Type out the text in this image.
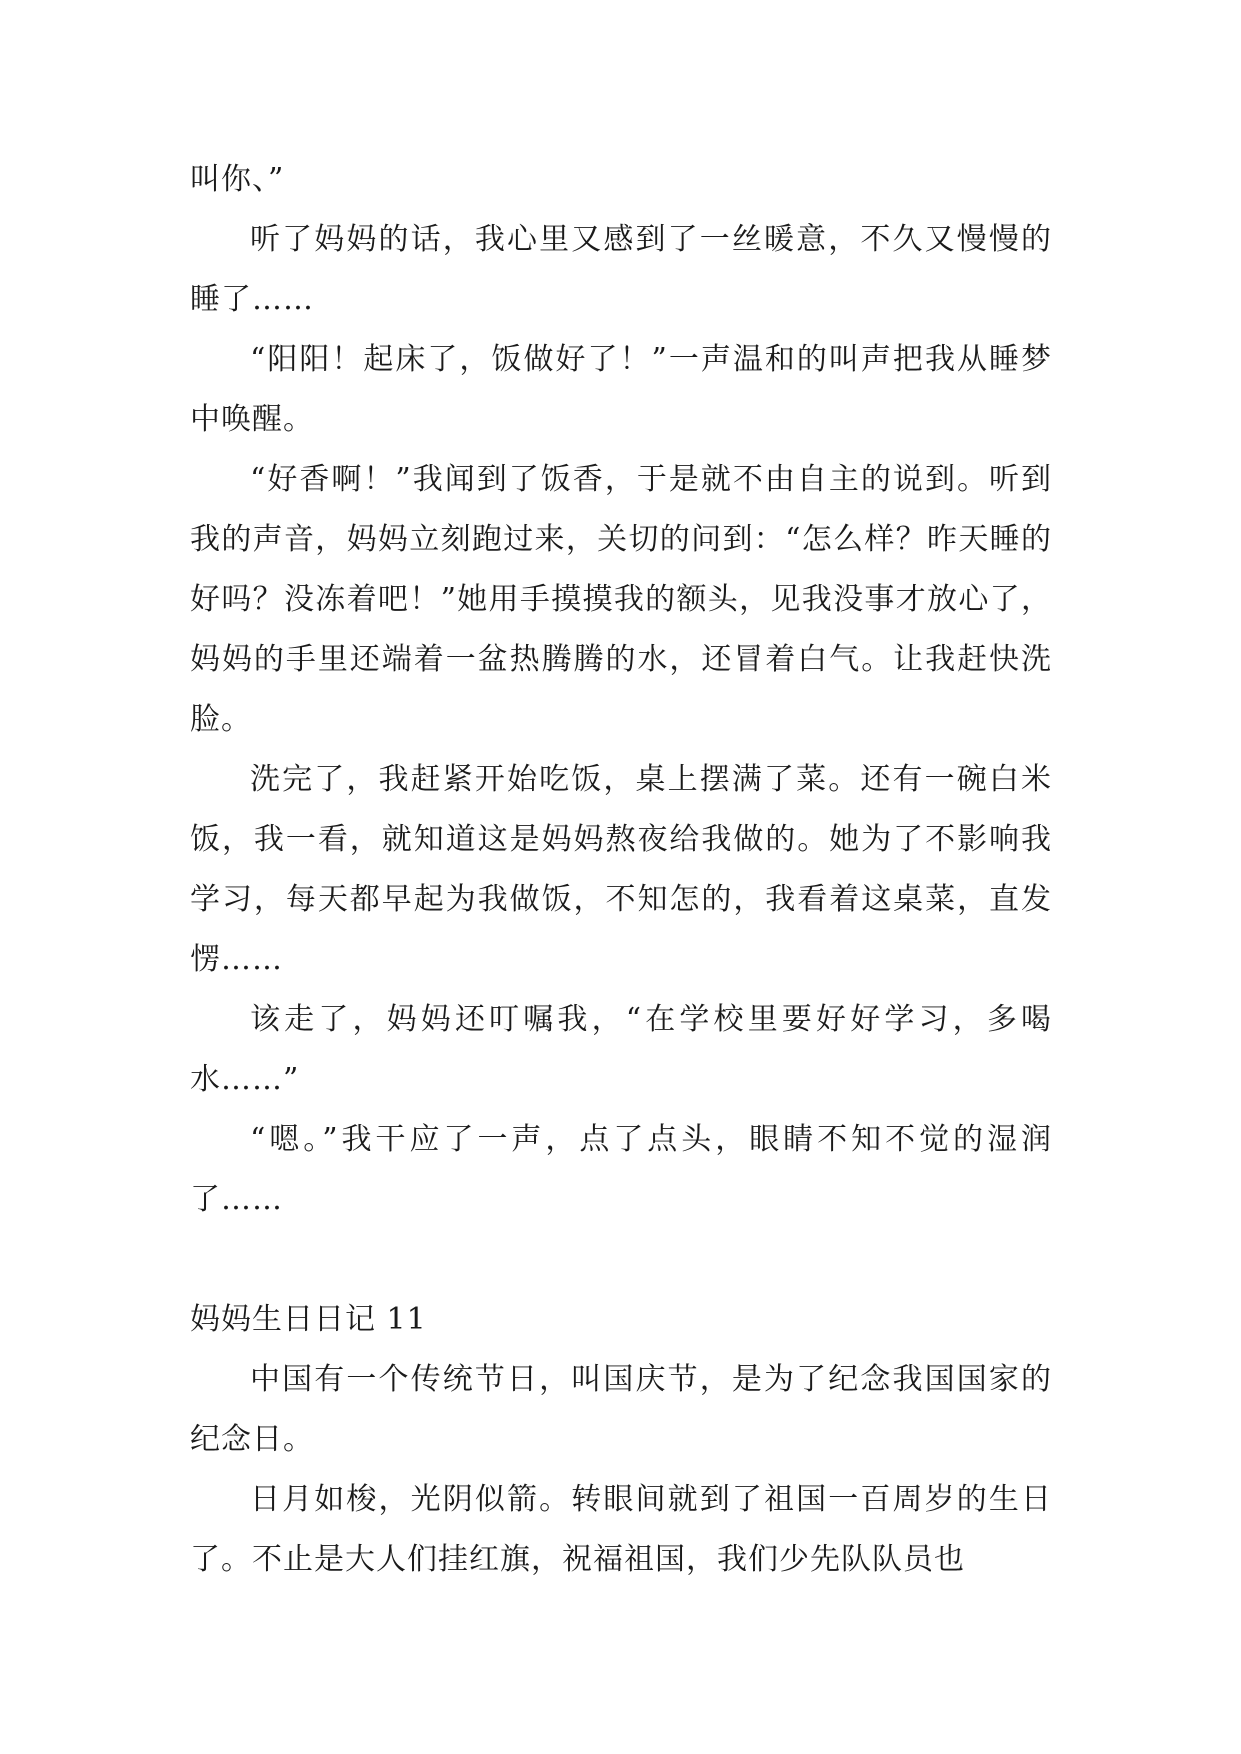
叫你、”

听了妈妈的话，我心里又感到了一丝暖意，不久又慢慢的睡了……

“阳阳！起床了，饭做好了！”一声温和的叫声把我从睡梦中唤醒。

“好香啊！”我闻到了饭香，于是就不由自主的说到。听到我的声音，妈妈立刻跑过来，关切的问到：“怎么样？昨天睡的好吗？没冻着吧！”她用手摸摸我的额头，见我没事才放心了，妈妈的手里还端着一盆热腾腾的水，还冒着白气。让我赶快洗脸。

洗完了，我赶紧开始吃饭，桌上摆满了菜。还有一碗白米饭，我一看，就知道这是妈妈熬夜给我做的。她为了不影响我学习，每天都早起为我做饭，不知怎的，我看着这桌菜，直发愣……

该走了，妈妈还叮嘱我，“在学校里要好好学习，多喝水……”

“嗯。”我干应了一声，点了点头，眼睛不知不觉的湿润了……

妈妈生日日记 11

中国有一个传统节日，叫国庆节，是为了纪念我国国家的纪念日。

日月如梭，光阴似箭。转眼间就到了祖国一百周岁的生日了。不止是大人们挂红旗，祝福祖国，我们少先队队员也
